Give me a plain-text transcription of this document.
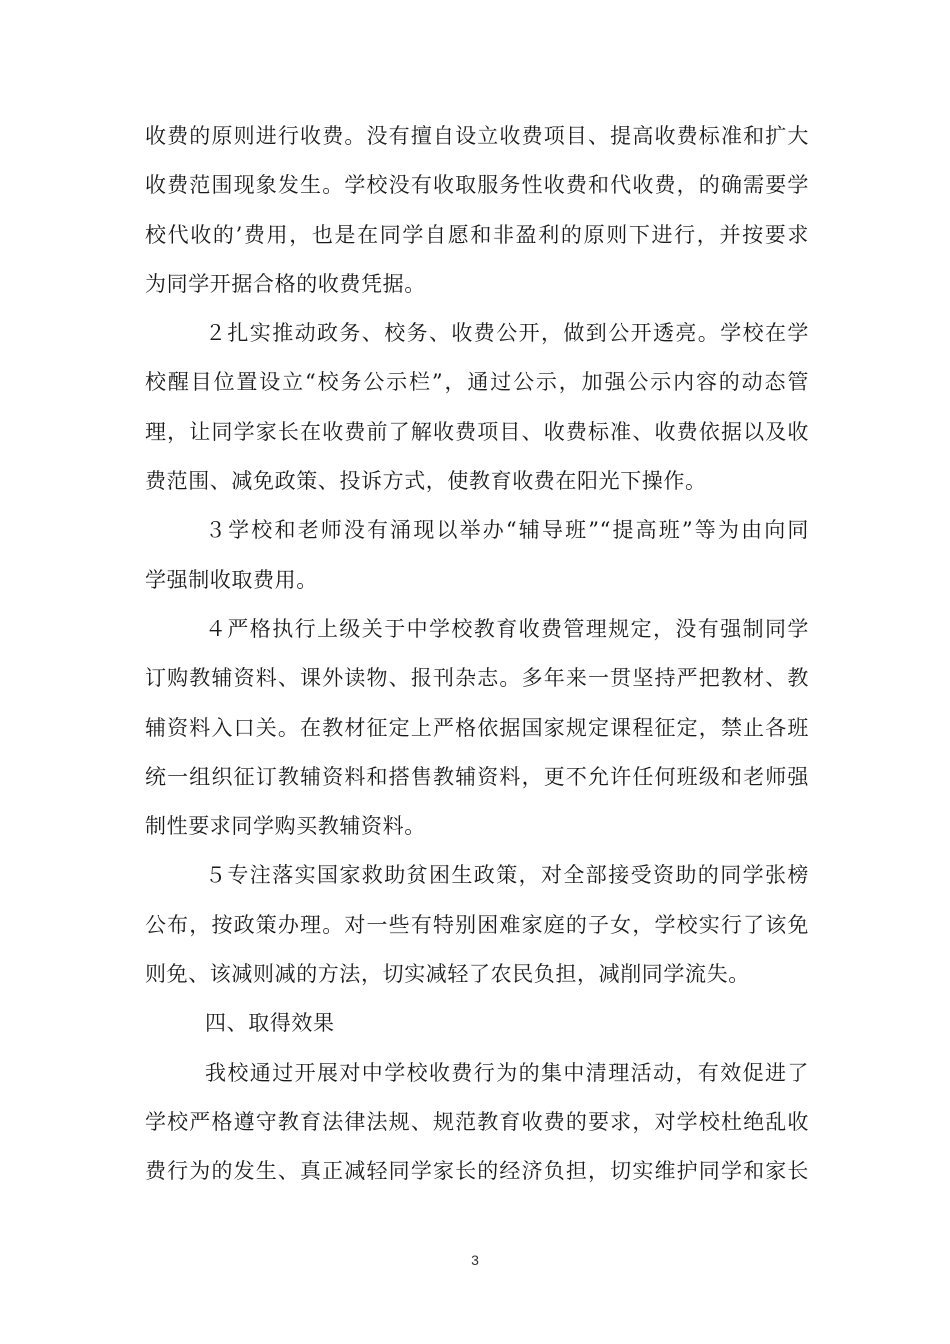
收费的原则进行收费。没有擅自设立收费项目、提高收费标准和扩大
收费范围现象发生。学校没有收取服务性收费和代收费，的确需要学
校代收的’费用，也是在同学自愿和非盈利的原则下进行，并按要求
为同学开据合格的收费凭据。
２扎实推动政务、校务、收费公开，做到公开透亮。学校在学
校醒目位置设立“校务公示栏”，通过公示，加强公示内容的动态管
理，让同学家长在收费前了解收费项目、收费标准、收费依据以及收
费范围、减免政策、投诉方式，使教育收费在阳光下操作。
３学校和老师没有涌现以举办“辅导班”“提高班”等为由向同
学强制收取费用。
４严格执行上级关于中学校教育收费管理规定，没有强制同学
订购教辅资料、课外读物、报刊杂志。多年来一贯坚持严把教材、教
辅资料入口关。在教材征定上严格依据国家规定课程征定，禁止各班
统一组织征订教辅资料和搭售教辅资料，更不允许任何班级和老师强
制性要求同学购买教辅资料。
５专注落实国家救助贫困生政策，对全部接受资助的同学张榜
公布，按政策办理。对一些有特别困难家庭的子女，学校实行了该免
则免、该减则减的方法，切实减轻了农民负担，减削同学流失。
四、取得效果
我校通过开展对中学校收费行为的集中清理活动，有效促进了
学校严格遵守教育法律法规、规范教育收费的要求，对学校杜绝乱收
费行为的发生、真正减轻同学家长的经济负担，切实维护同学和家长
3
